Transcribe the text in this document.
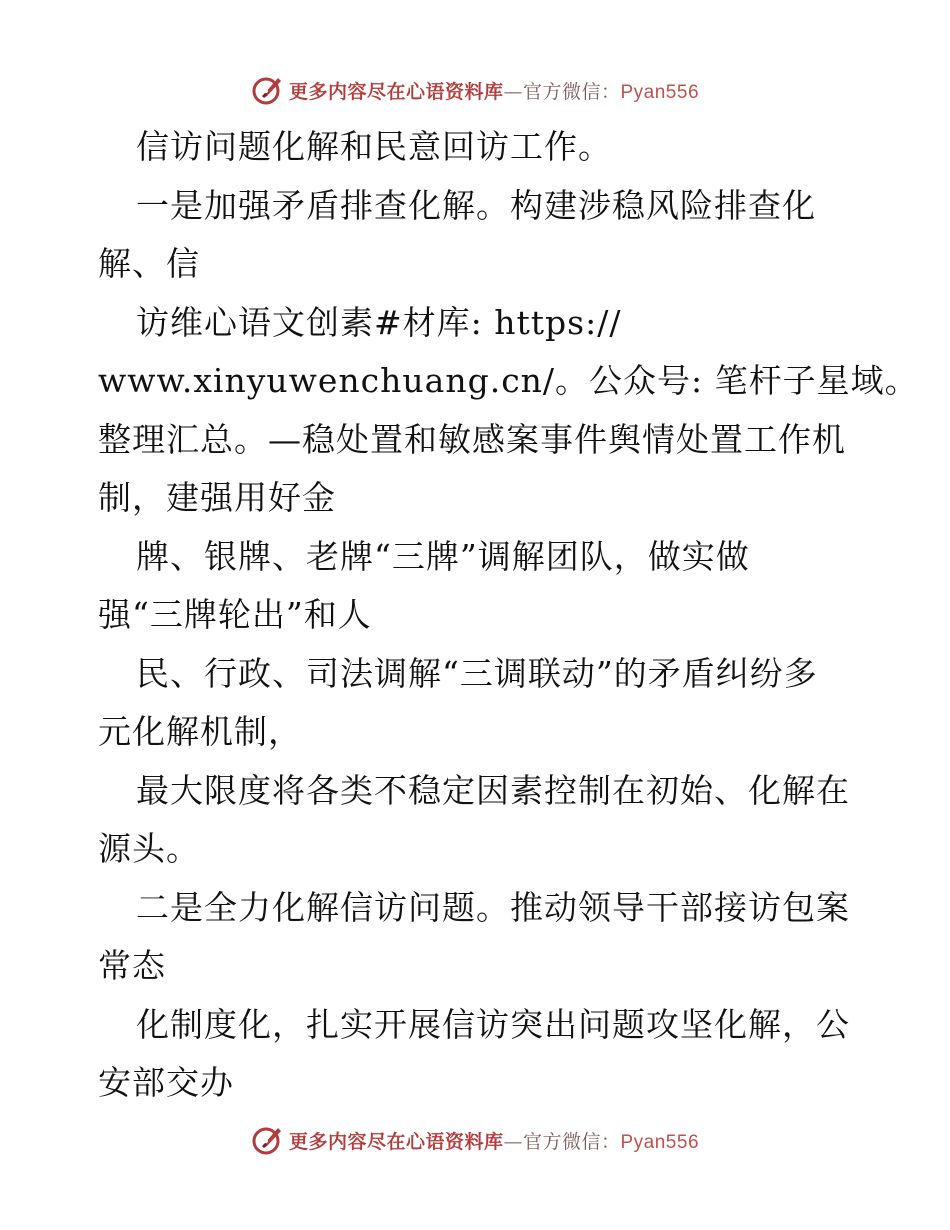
更多内容尽在心语资料库—官方微信：Pyan556
信访问题化解和民意回访工作。
一是加强矛盾排查化解。构建涉稳风险排查化
解、信
访维心语文创素#材库: https://
www.xinyuwenchuang.cn/。公众号: 笔杆子星域。
整理汇总。—稳处置和敏感案事件舆情处置工作机
制，建强用好金
牌、银牌、老牌“三牌”调解团队，做实做
强“三牌轮出”和人
民、行政、司法调解“三调联动”的矛盾纠纷多
元化解机制，
最大限度将各类不稳定因素控制在初始、化解在
源头。
二是全力化解信访问题。推动领导干部接访包案
常态
化制度化，扎实开展信访突出问题攻坚化解，公
安部交办
更多内容尽在心语资料库—官方微信：Pyan556
